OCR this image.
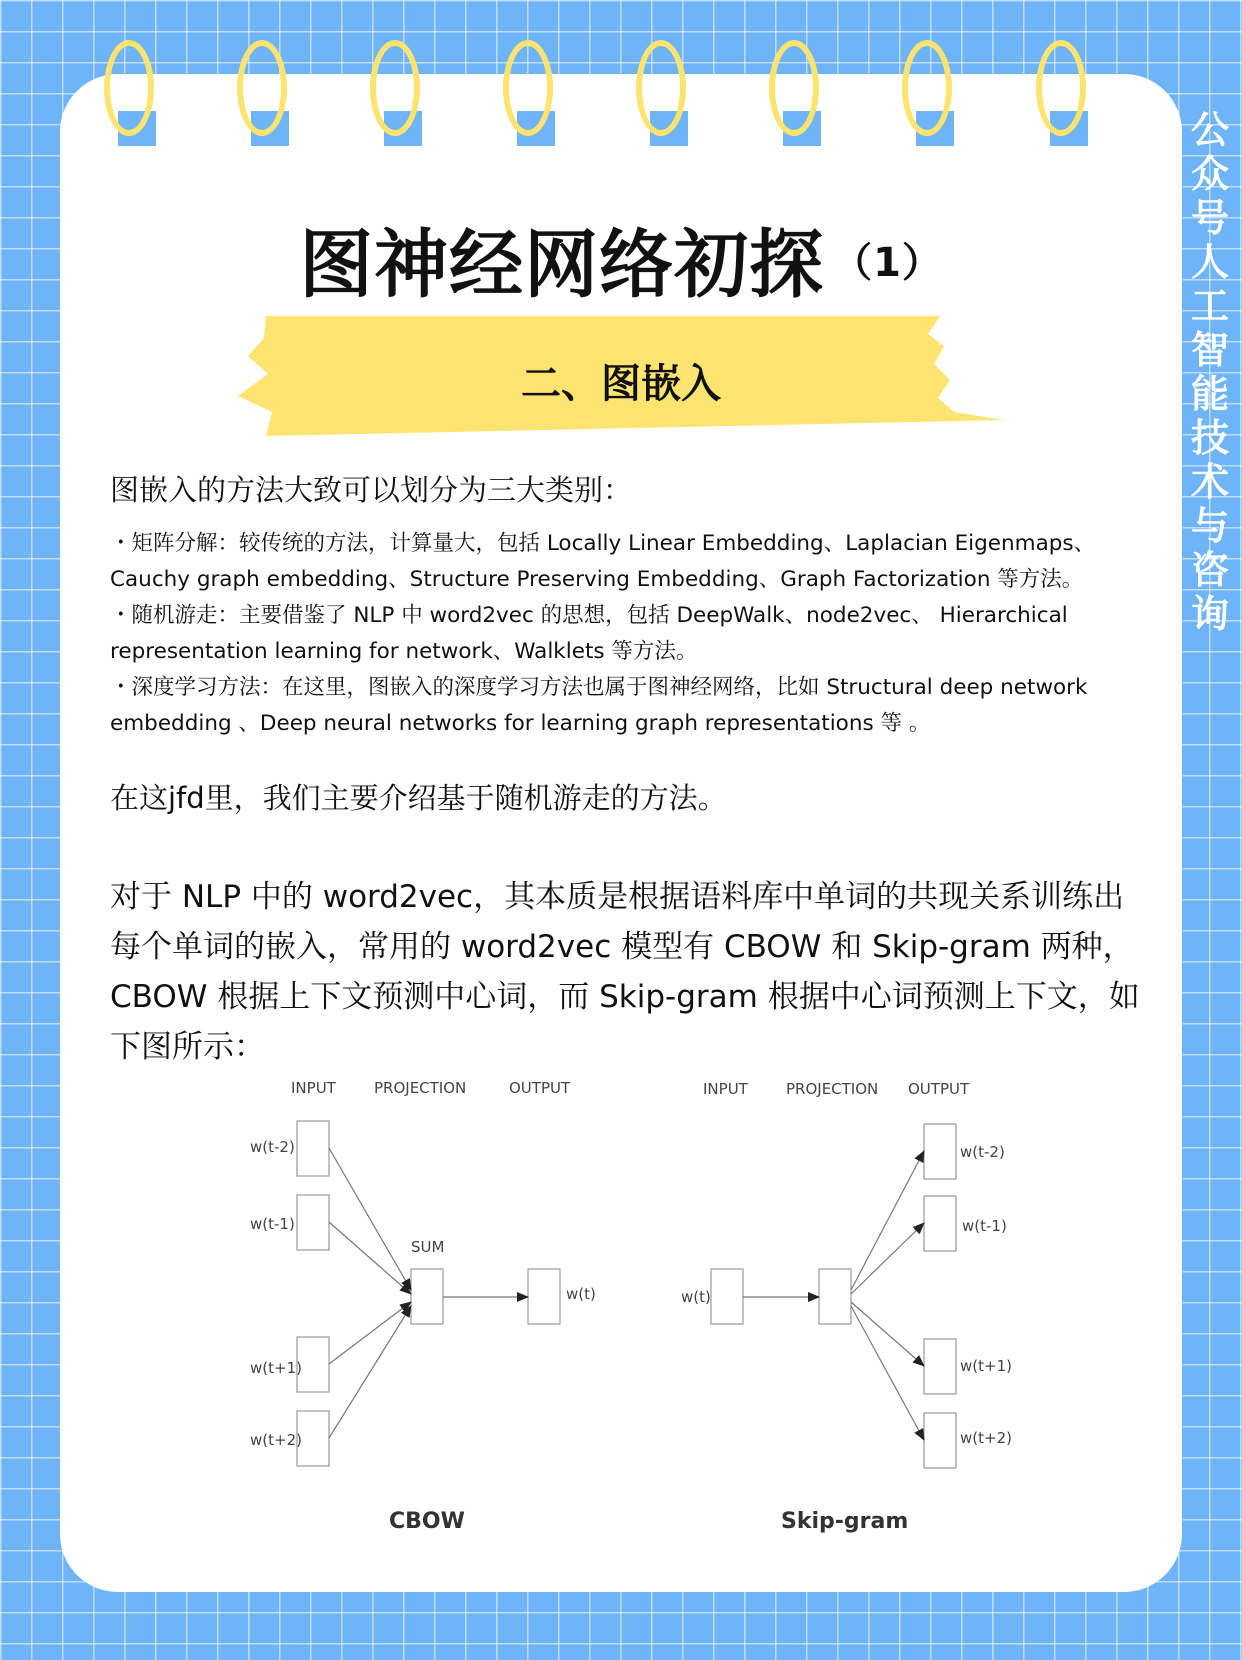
公众号 人工智能技术与咨询
图神经网络初探 （1）
二、图嵌入
图嵌入的方法大致可以划分为三大类别：

・矩阵分解：较传统的方法，计算量大，包括 Locally Linear Embedding、Laplacian Eigenmaps、Cauchy graph embedding、Structure Preserving Embedding、Graph Factorization 等方法。

・随机游走：主要借鉴了 NLP 中 word2vec 的思想，包括 DeepWalk、node2vec、 Hierarchical representation learning for network、Walklets 等方法。

・深度学习方法：在这里，图嵌入的深度学习方法也属于图神经网络，比如 Structural deep network embedding 、Deep neural networks for learning graph representations 等 。

在这jfd里，我们主要介绍基于随机游走的方法。
对于 NLP 中的 word2vec，其本质是根据语料库中单词的共现关系训练出每个单词的嵌入，常用的 word2vec 模型有 CBOW 和 Skip-gram 两种，CBOW 根据上下文预测中心词，而 Skip-gram 根据中心词预测上下文，如下图所示：
INPUT	PROJECTION	OUTPUT
w(t-2)
w(t-1)
w(t+1)
w(t+2)
SUM
w(t)
CBOW
INPUT	PROJECTION OUTPUT
w(t)
w(t-2)
w(t-1)
w(t+1)
w(t+2)
Skip-gram
